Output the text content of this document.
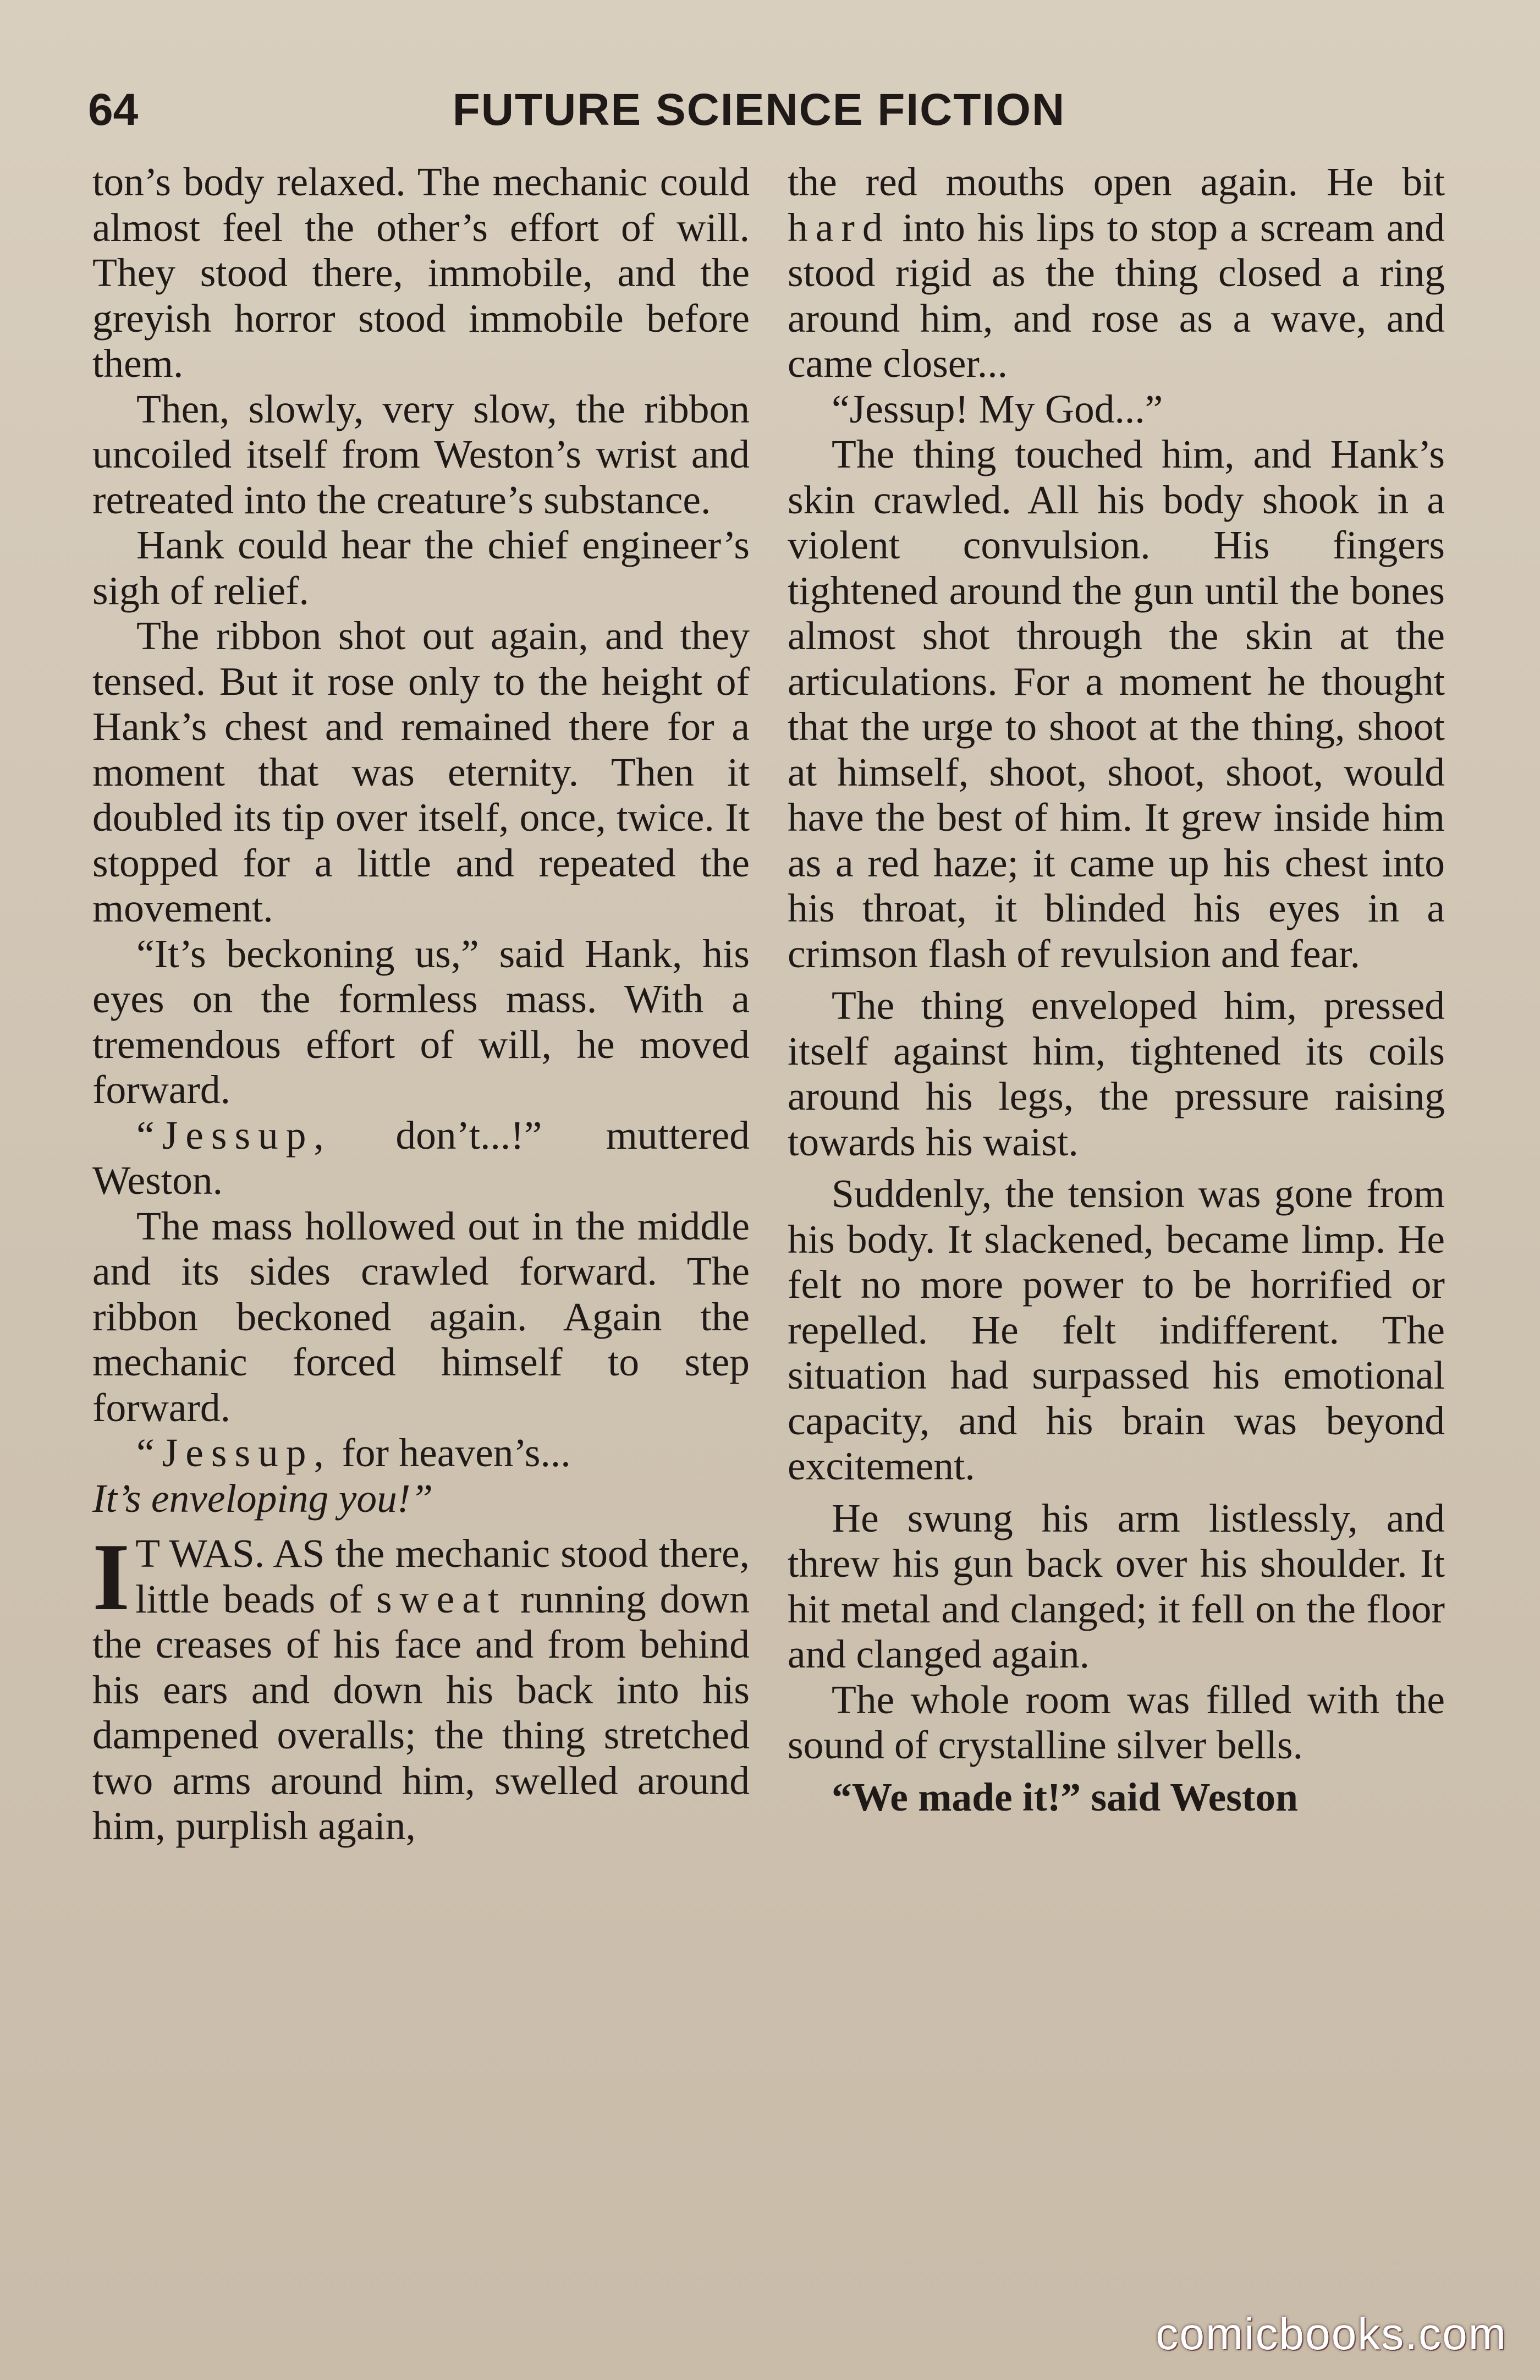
64	FUTURE SCIENCE FICTION

ton’s body relaxed. The mechanic could almost feel the other’s effort of will. They stood there, immobile, and the greyish horror stood immobile before them.

Then, slowly, very slow, the ribbon uncoiled itself from Weston’s wrist and retreated into the creature’s substance.

Hank could hear the chief engineer’s sigh of relief.

The ribbon shot out again, and they tensed. But it rose only to the height of Hank’s chest and remained there for a moment that was eternity. Then it doubled its tip over itself, once, twice. It stopped for a little and repeated the movement.

“It’s beckoning us,” said Hank, his eyes on the formless mass. With a tremendous effort of will, he moved forward.

“Jessup, don’t...!” muttered Weston.

The mass hollowed out in the middle and its sides crawled forward. The ribbon beckoned again. Again the mechanic forced himself to step forward.

“Jessup, for heaven’s...
It’s enveloping you!”

I T WAS. AS the mechanic stood there, little beads of sweat running down the creases of his face and from behind his ears and down his back into his dampened overalls; the thing stretched two arms around him, swelled around him, purplish again,

the red mouths open again. He bit hard into his lips to stop a scream and stood rigid as the thing closed a ring around him, and rose as a wave, and came closer...

“Jessup! My God...”

The thing touched him, and Hank’s skin crawled. All his body shook in a violent convulsion. His fingers tightened around the gun until the bones almost shot through the skin at the articulations. For a moment he thought that the urge to shoot at the thing, shoot at himself, shoot, shoot, shoot, would have the best of him. It grew inside him as a red haze; it came up his chest into his throat, it blinded his eyes in a crimson flash of revulsion and fear.

The thing enveloped him, pressed itself against him, tightened its coils around his legs, the pressure raising towards his waist.

Suddenly, the tension was gone from his body. It slackened, became limp. He felt no more power to be horrified or repelled. He felt indifferent. The situation had surpassed his emotional capacity, and his brain was beyond excitement.

He swung his arm listlessly, and threw his gun back over his shoulder. It hit metal and clanged; it fell on the floor and clanged again.

The whole room was filled with the sound of crystalline silver bells.

“We made it!” said Weston

comicbooks.com
